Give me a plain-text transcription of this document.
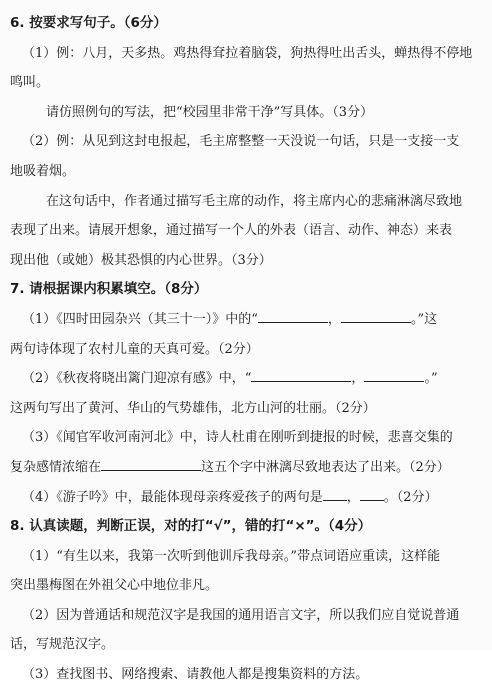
6. 按要求写句子。（6分）
（1）例：八月，天多热。鸡热得耷拉着脑袋，狗热得吐出舌头，蝉热得不停地
鸣叫。
请仿照例句的写法，把“校园里非常干净”写具体。（3分）
（2）例：从见到这封电报起，毛主席整整一天没说一句话，只是一支接一支
地吸着烟。
在这句话中，作者通过描写毛主席的动作，将主席内心的悲痛淋漓尽致地
表现了出来。请展开想象，通过描写一个人的外表（语言、动作、神态）来表
现出他（或她）极其恐惧的内心世界。（3分）
7. 请根据课内积累填空。（8分）
（1）《四时田园杂兴（其三十一）》中的“	，	。”这
两句诗体现了农村儿童的天真可爱。（2分）
（2）《秋夜将晓出篱门迎凉有感》中，“	，	。”
这两句写出了黄河、华山的气势雄伟，北方山河的壮丽。（2分）
（3）《闻官军收河南河北》中，诗人杜甫在刚听到捷报的时候，悲喜交集的
复杂感情浓缩在	这五个字中淋漓尽致地表达了出来。（2分）
（4）《游子吟》中，最能体现母亲疼爱孩子的两句是 ， 。（2分）
8. 认真读题，判断正误，对的打“√”，错的打“×”。（4分）
（1）“有生以来，我第一次听到他训斥我母亲。”带点词语应重读，这样能
突出墨梅图在外祖父心中地位非凡。
（2）因为普通话和规范汉字是我国的通用语言文字，所以我们应自觉说普通
话，写规范汉字。
（3）查找图书、网络搜索、请教他人都是搜集资料的方法。
